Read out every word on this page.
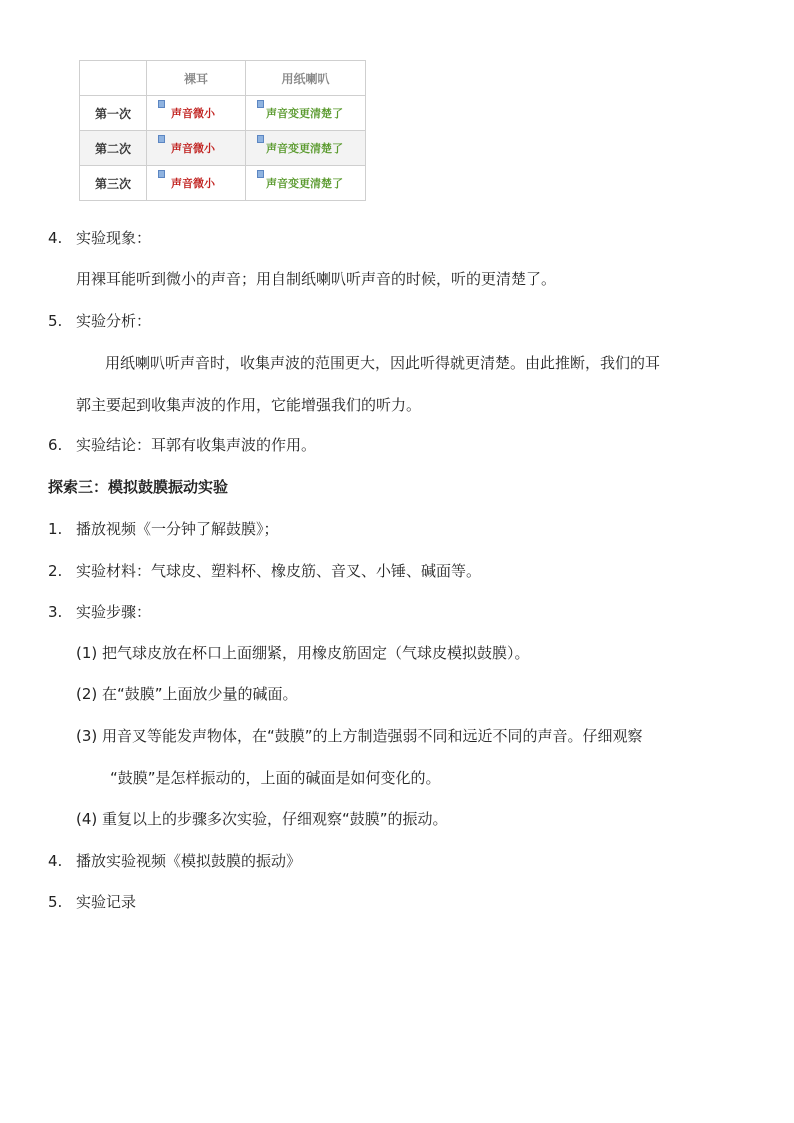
	裸耳	用纸喇叭
第一次	声音微小	声音变更清楚了
第二次	声音微小	声音变更清楚了
第三次	声音微小	声音变更清楚了
4. 实验现象：
用裸耳能听到微小的声音；用自制纸喇叭听声音的时候，听的更清楚了。
5. 实验分析：
用纸喇叭听声音时，收集声波的范围更大，因此听得就更清楚。由此推断，我们的耳
郭主要起到收集声波的作用，它能增强我们的听力。
6. 实验结论：耳郭有收集声波的作用。
探索三：模拟鼓膜振动实验
1. 播放视频《一分钟了解鼓膜》；
2. 实验材料：气球皮、塑料杯、橡皮筋、音叉、小锤、碱面等。
3. 实验步骤：
(1) 把气球皮放在杯口上面绷紧，用橡皮筋固定（气球皮模拟鼓膜）。
(2) 在“鼓膜”上面放少量的碱面。
(3) 用音叉等能发声物体，在“鼓膜”的上方制造强弱不同和远近不同的声音。仔细观察
“鼓膜”是怎样振动的，上面的碱面是如何变化的。
(4) 重复以上的步骤多次实验，仔细观察“鼓膜”的振动。
4. 播放实验视频《模拟鼓膜的振动》
5. 实验记录
